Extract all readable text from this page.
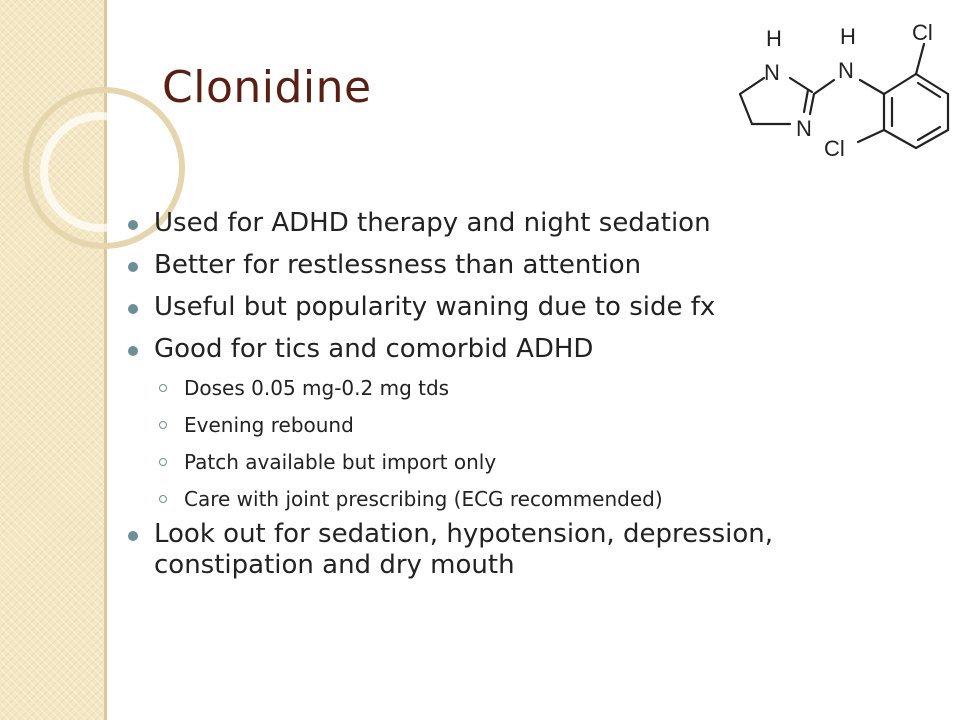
Clonidine
H
N
N
H
N
Cl
Cl
Used for ADHD therapy and night sedation
Better for restlessness than attention
Useful but popularity waning due to side fx
Good for tics and comorbid ADHD
Doses 0.05 mg-0.2 mg tds
Evening rebound
Patch available but import only
Care with joint prescribing (ECG recommended)
Look out for sedation, hypotension, depression, constipation and dry mouth
